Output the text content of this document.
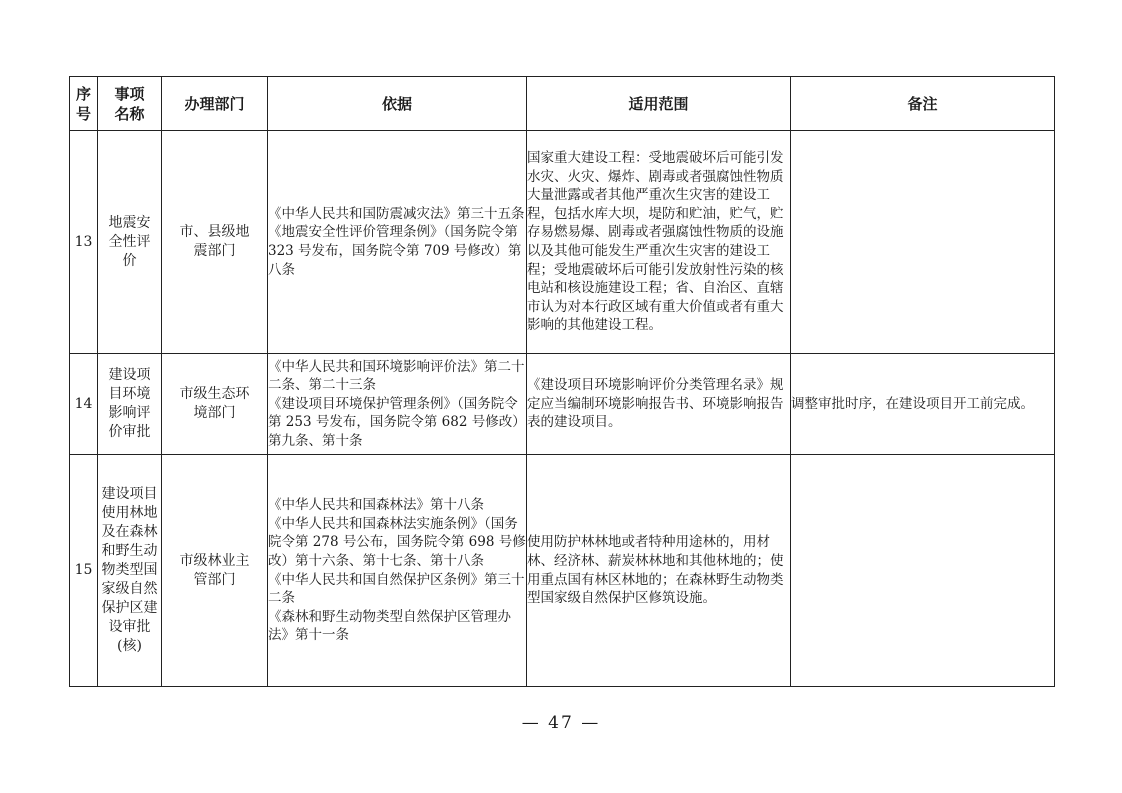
序号	事项名称	办理部门	依据	适用范围	备注
13	地震安全性评价	市、县级地震部门	《中华人民共和国防震减灾法》第三十五条
《地震安全性评价管理条例》（国务院令第 323 号发布，国务院令第 709 号修改）第八条	国家重大建设工程：受地震破坏后可能引发水灾、火灾、爆炸、剧毒或者强腐蚀性物质大量泄露或者其他严重次生灾害的建设工程，包括水库大坝，堤防和贮油，贮气，贮存易燃易爆、剧毒或者强腐蚀性物质的设施以及其他可能发生严重次生灾害的建设工程；受地震破坏后可能引发放射性污染的核电站和核设施建设工程；省、自治区、直辖市认为对本行政区域有重大价值或者有重大影响的其他建设工程。	
14	建设项目环境影响评价审批	市级生态环境部门	《中华人民共和国环境影响评价法》第二十二条、第二十三条
《建设项目环境保护管理条例》（国务院令第 253 号发布，国务院令第 682 号修改）第九条、第十条	《建设项目环境影响评价分类管理名录》规定应当编制环境影响报告书、环境影响报告表的建设项目。	调整审批时序，在建设项目开工前完成。
15	建设项目使用林地及在森林和野生动物类型国家级自然保护区建设审批(核)	市级林业主管部门	《中华人民共和国森林法》第十八条
《中华人民共和国森林法实施条例》（国务院令第 278 号公布，国务院令第 698 号修改）第十六条、第十七条、第十八条
《中华人民共和国自然保护区条例》第三十二条
《森林和野生动物类型自然保护区管理办法》第十一条	使用防护林林地或者特种用途林的，用材林、经济林、薪炭林林地和其他林地的；使用重点国有林区林地的；在森林野生动物类型国家级自然保护区修筑设施。	
— 47 —
